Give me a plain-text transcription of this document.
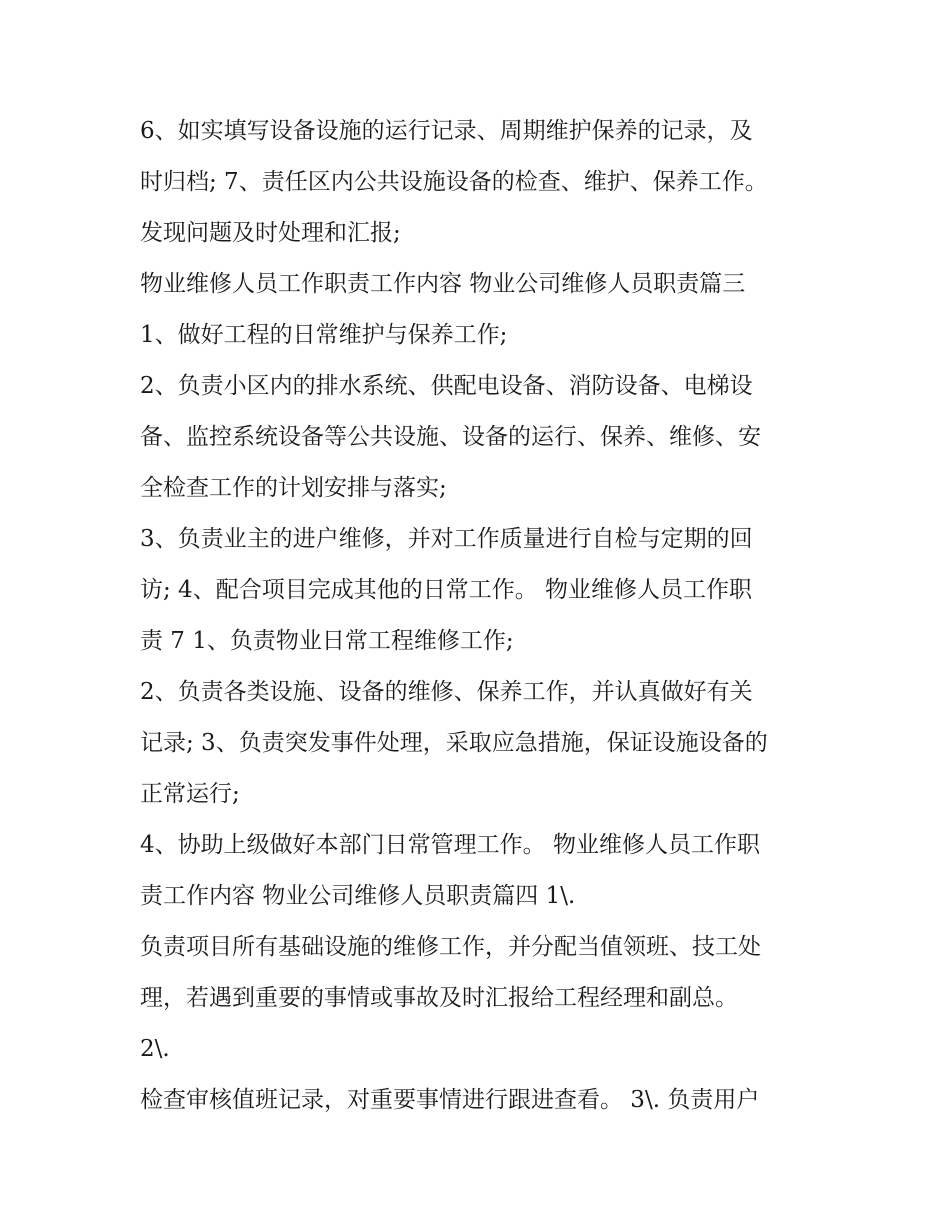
6、如实填写设备设施的运行记录、周期维护保养的记录，及
时归档; 7、责任区内公共设施设备的检查、维护、保养工作。
发现问题及时处理和汇报;
物业维修人员工作职责工作内容 物业公司维修人员职责篇三
1、做好工程的日常维护与保养工作;
2、负责小区内的排水系统、供配电设备、消防设备、电梯设
备、监控系统设备等公共设施、设备的运行、保养、维修、安
全检查工作的计划安排与落实;
3、负责业主的进户维修，并对工作质量进行自检与定期的回
访; 4、配合项目完成其他的日常工作。 物业维修人员工作职
责 7 1、负责物业日常工程维修工作;
2、负责各类设施、设备的维修、保养工作，并认真做好有关
记录; 3、负责突发事件处理，采取应急措施，保证设施设备的
正常运行;
4、协助上级做好本部门日常管理工作。 物业维修人员工作职
责工作内容 物业公司维修人员职责篇四 1\.
负责项目所有基础设施的维修工作，并分配当值领班、技工处
理，若遇到重要的事情或事故及时汇报给工程经理和副总。
2\.
检查审核值班记录，对重要事情进行跟进查看。 3\. 负责用户
